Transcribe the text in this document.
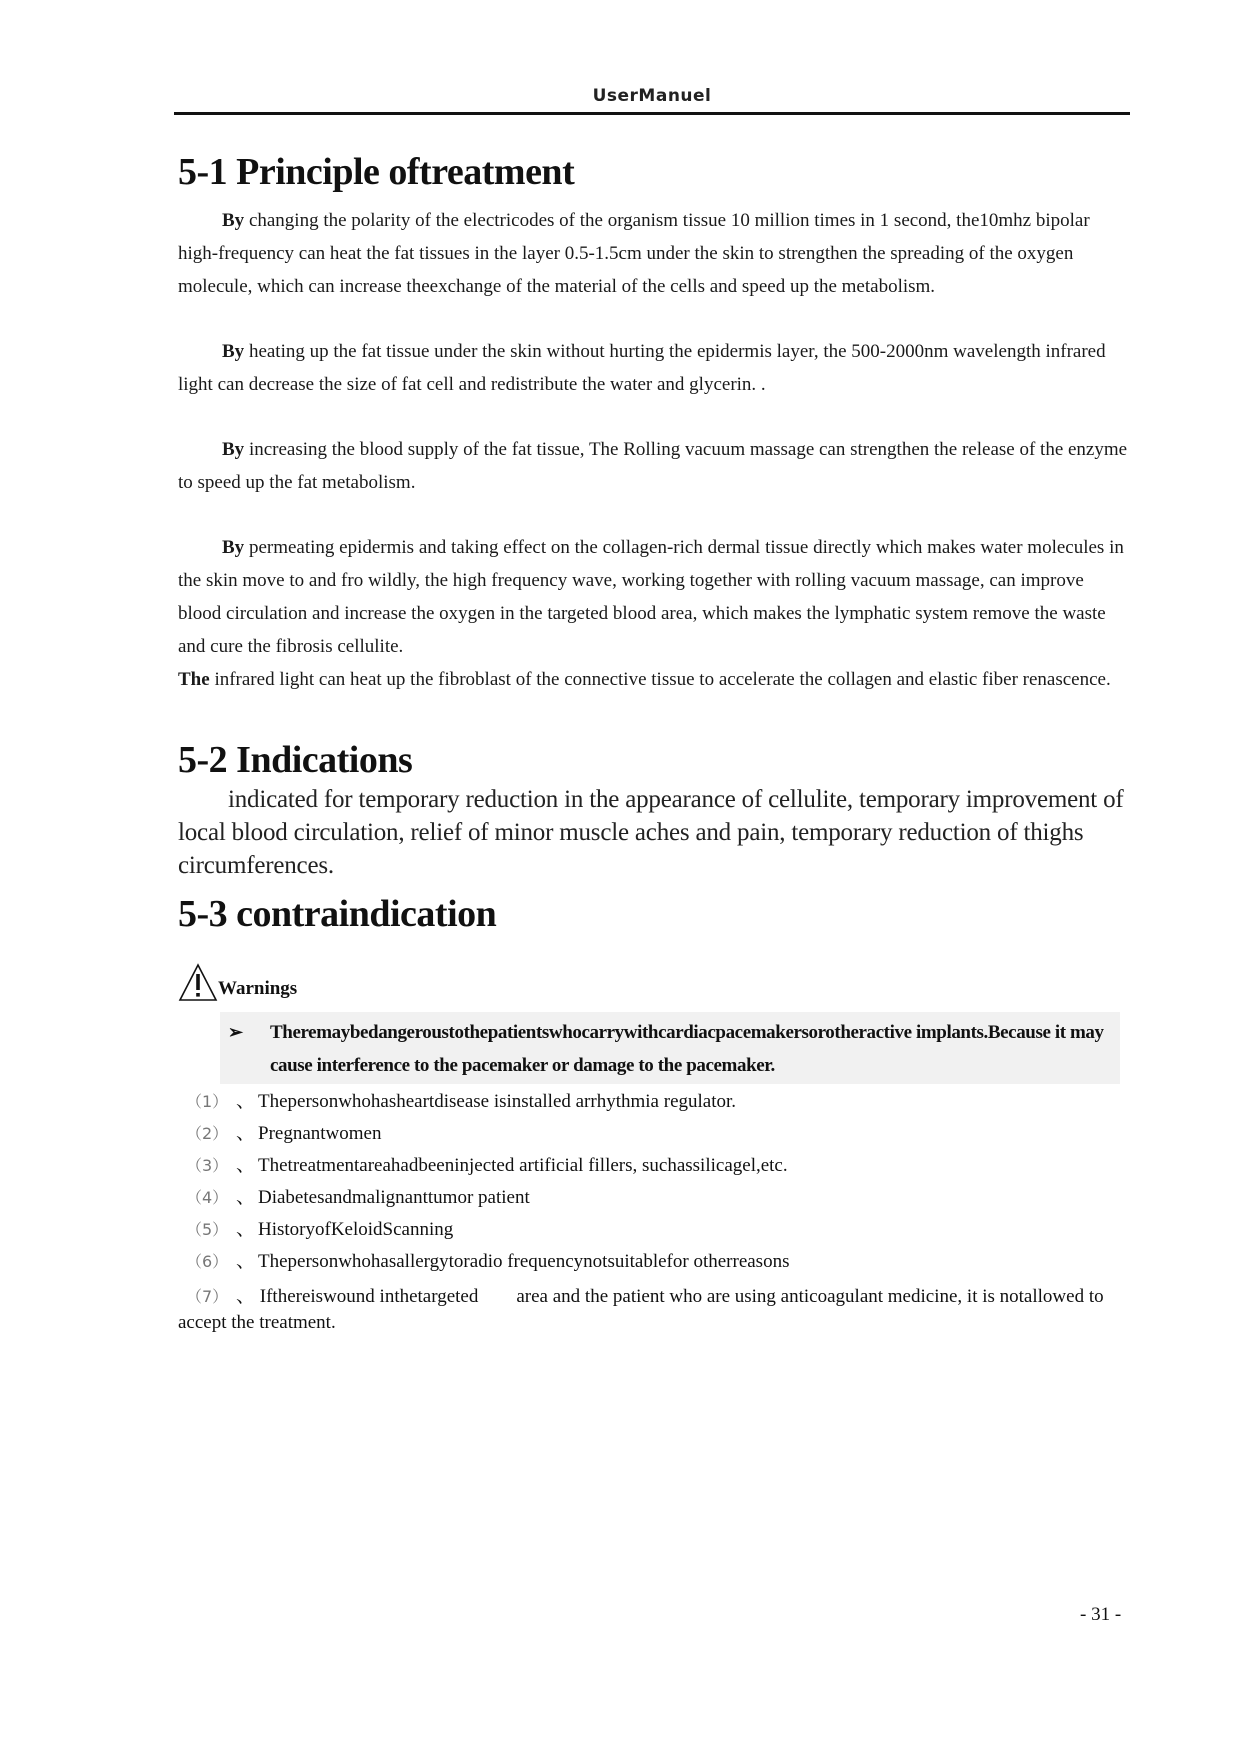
UserManuel
5-1 Principle oftreatment

By changing the polarity of the electricodes of the organism tissue 10 million times in 1 second, the10mhz bipolar high-frequency can heat the fat tissues in the layer 0.5-1.5cm under the skin to strengthen the spreading of the oxygen molecule, which can increase theexchange of the material of the cells and speed up the metabolism.

By heating up the fat tissue under the skin without hurting the epidermis layer, the 500-2000nm wavelength infrared light can decrease the size of fat cell and redistribute the water and glycerin. .

By increasing the blood supply of the fat tissue, The Rolling vacuum massage can strengthen the release of the enzyme to speed up the fat metabolism.

By permeating epidermis and taking effect on the collagen-rich dermal tissue directly which makes water molecules in the skin move to and fro wildly, the high frequency wave, working together with rolling vacuum massage, can improve blood circulation and increase the oxygen in the targeted blood area, which makes the lymphatic system remove the waste and cure the fibrosis cellulite.

The infrared light can heat up the fibroblast of the connective tissue to accelerate the collagen and elastic fiber renascence.

5-2 Indications

indicated for temporary reduction in the appearance of cellulite, temporary improvement of local blood circulation, relief of minor muscle aches and pain, temporary reduction of thighs circumferences.

5-3 contraindication
Warnings
➢	Theremaybedangeroustothepatientswhocarrywithcardiacpacemakersorotheractive implants.Because it may cause interference to the pacemaker or damage to the pacemaker.
（1） 、 Thepersonwhohasheartdisease isinstalled arrhythmia regulator.
（2） 、 Pregnantwomen
（3） 、 Thetreatmentareahadbeeninjected artificial fillers, suchassilicagel,etc.
（4） 、 Diabetesandmalignanttumor patient
（5） 、 HistoryofKeloidScanning
（6） 、 Thepersonwhohasallergytoradio frequencynotsuitablefor otherreasons
（7） 、 Ifthereiswound inthetargeted        area and the patient who are using anticoagulant medicine, it is notallowed to accept the treatment.
- 31 -
